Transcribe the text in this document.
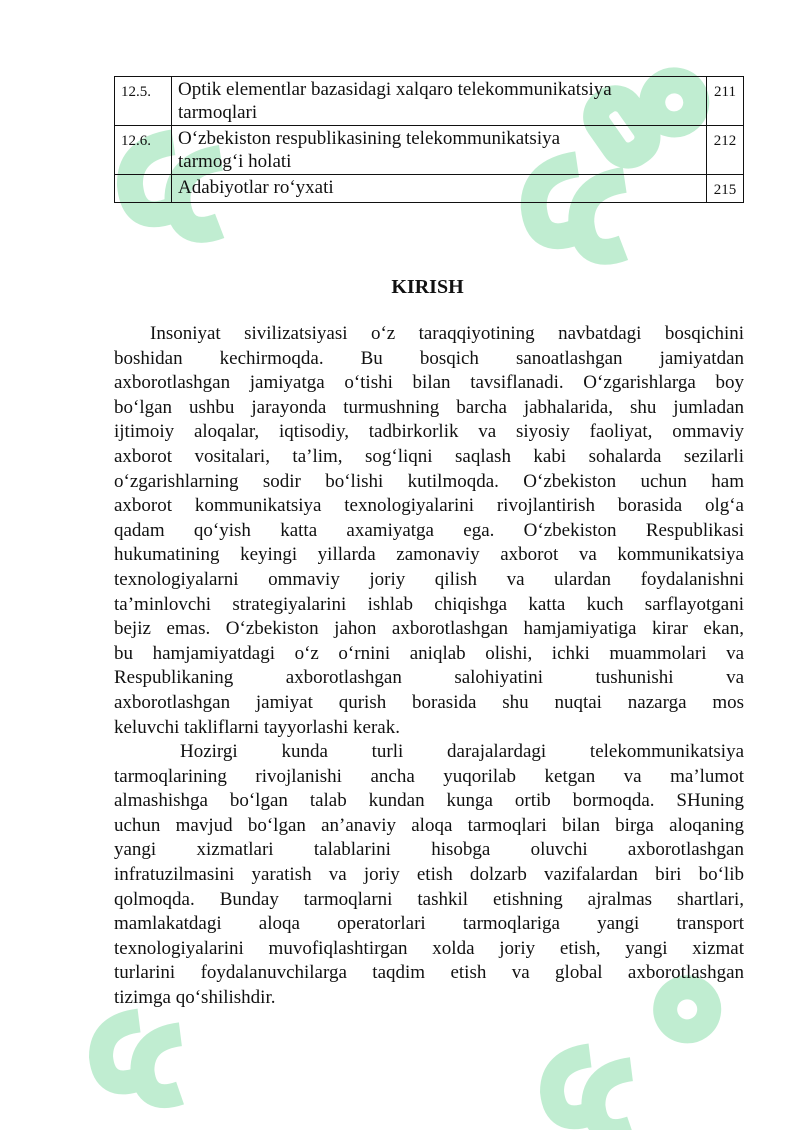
12.5.	Optik elementlar bazasidagi xalqaro telekommunikatsiya
tarmoqlari	211
12.6.	O‘zbekiston respublikasining telekommunikatsiya
tarmog‘i holati	212
	Adabiyotlar ro‘yxati	215
KIRISH

Insoniyat sivilizatsiyasi o‘z taraqqiyotining navbatdagi bosqichini
boshidan kechirmoqda. Bu bosqich sanoatlashgan jamiyatdan
axborotlashgan jamiyatga o‘tishi bilan tavsiflanadi. O‘zgarishlarga boy
bo‘lgan ushbu jarayonda turmushning barcha jabhalarida, shu jumladan
ijtimoiy aloqalar, iqtisodiy, tadbirkorlik va siyosiy faoliyat, ommaviy
axborot vositalari, ta’lim, sog‘liqni saqlash kabi sohalarda sezilarli
o‘zgarishlarning sodir bo‘lishi kutilmoqda. O‘zbekiston uchun ham
axborot kommunikatsiya texnologiyalarini rivojlantirish borasida olg‘a
qadam qo‘yish katta axamiyatga ega. O‘zbekiston Respublikasi
hukumatining keyingi yillarda zamonaviy axborot va kommunikatsiya
texnologiyalarni ommaviy joriy qilish va ulardan foydalanishni
ta’minlovchi strategiyalarini ishlab chiqishga katta kuch sarflayotgani
bejiz emas. O‘zbekiston jahon axborotlashgan hamjamiyatiga kirar ekan,
bu hamjamiyatdagi o‘z o‘rnini aniqlab olishi, ichki muammolari va
Respublikaning axborotlashgan salohiyatini tushunishi va
axborotlashgan jamiyat qurish borasida shu nuqtai nazarga mos
keluvchi takliflarni tayyorlashi kerak.

Hozirgi kunda turli darajalardagi telekommunikatsiya
tarmoqlarining rivojlanishi ancha yuqorilab ketgan va ma’lumot
almashishga bo‘lgan talab kundan kunga ortib bormoqda. SHuning
uchun mavjud bo‘lgan an’anaviy aloqa tarmoqlari bilan birga aloqaning
yangi xizmatlari talablarini hisobga oluvchi axborotlashgan
infratuzilmasini yaratish va joriy etish dolzarb vazifalardan biri bo‘lib
qolmoqda. Bunday tarmoqlarni tashkil etishning ajralmas shartlari,
mamlakatdagi aloqa operatorlari tarmoqlariga yangi transport
texnologiyalarini muvofiqlashtirgan xolda joriy etish, yangi xizmat
turlarini foydalanuvchilarga taqdim etish va global axborotlashgan
tizimga qo‘shilishdir.
